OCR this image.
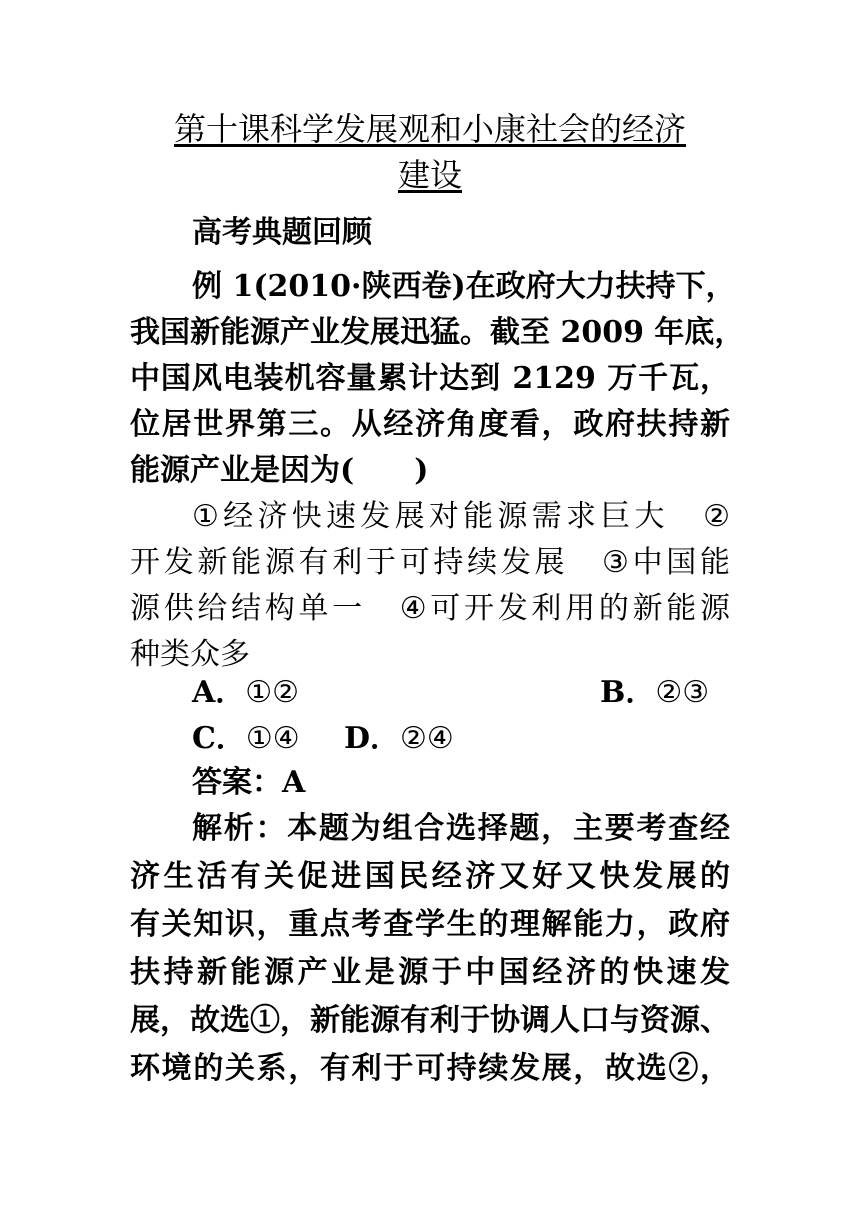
第十课科学发展观和小康社会的经济
建设
高考典题回顾
例 1(2010·陕西卷)在政府大力扶持下，
我国新能源产业发展迅猛。截至 2009 年底，
中国风电装机容量累计达到 2129 万千瓦，
位居世界第三。从经济角度看，政府扶持新
能源产业是因为(　　)
①经济快速发展对能源需求巨大　②
开发新能源有利于可持续发展　③中国能
源供给结构单一　④可开发利用的新能源
种类众多
A．①②	B．②③
C．①④ D．②④
答案：A
解析：本题为组合选择题，主要考查经
济生活有关促进国民经济又好又快发展的
有关知识，重点考查学生的理解能力，政府
扶持新能源产业是源于中国经济的快速发
展，故选①，新能源有利于协调人口与资源、
环境的关系，有利于可持续发展，故选②，
